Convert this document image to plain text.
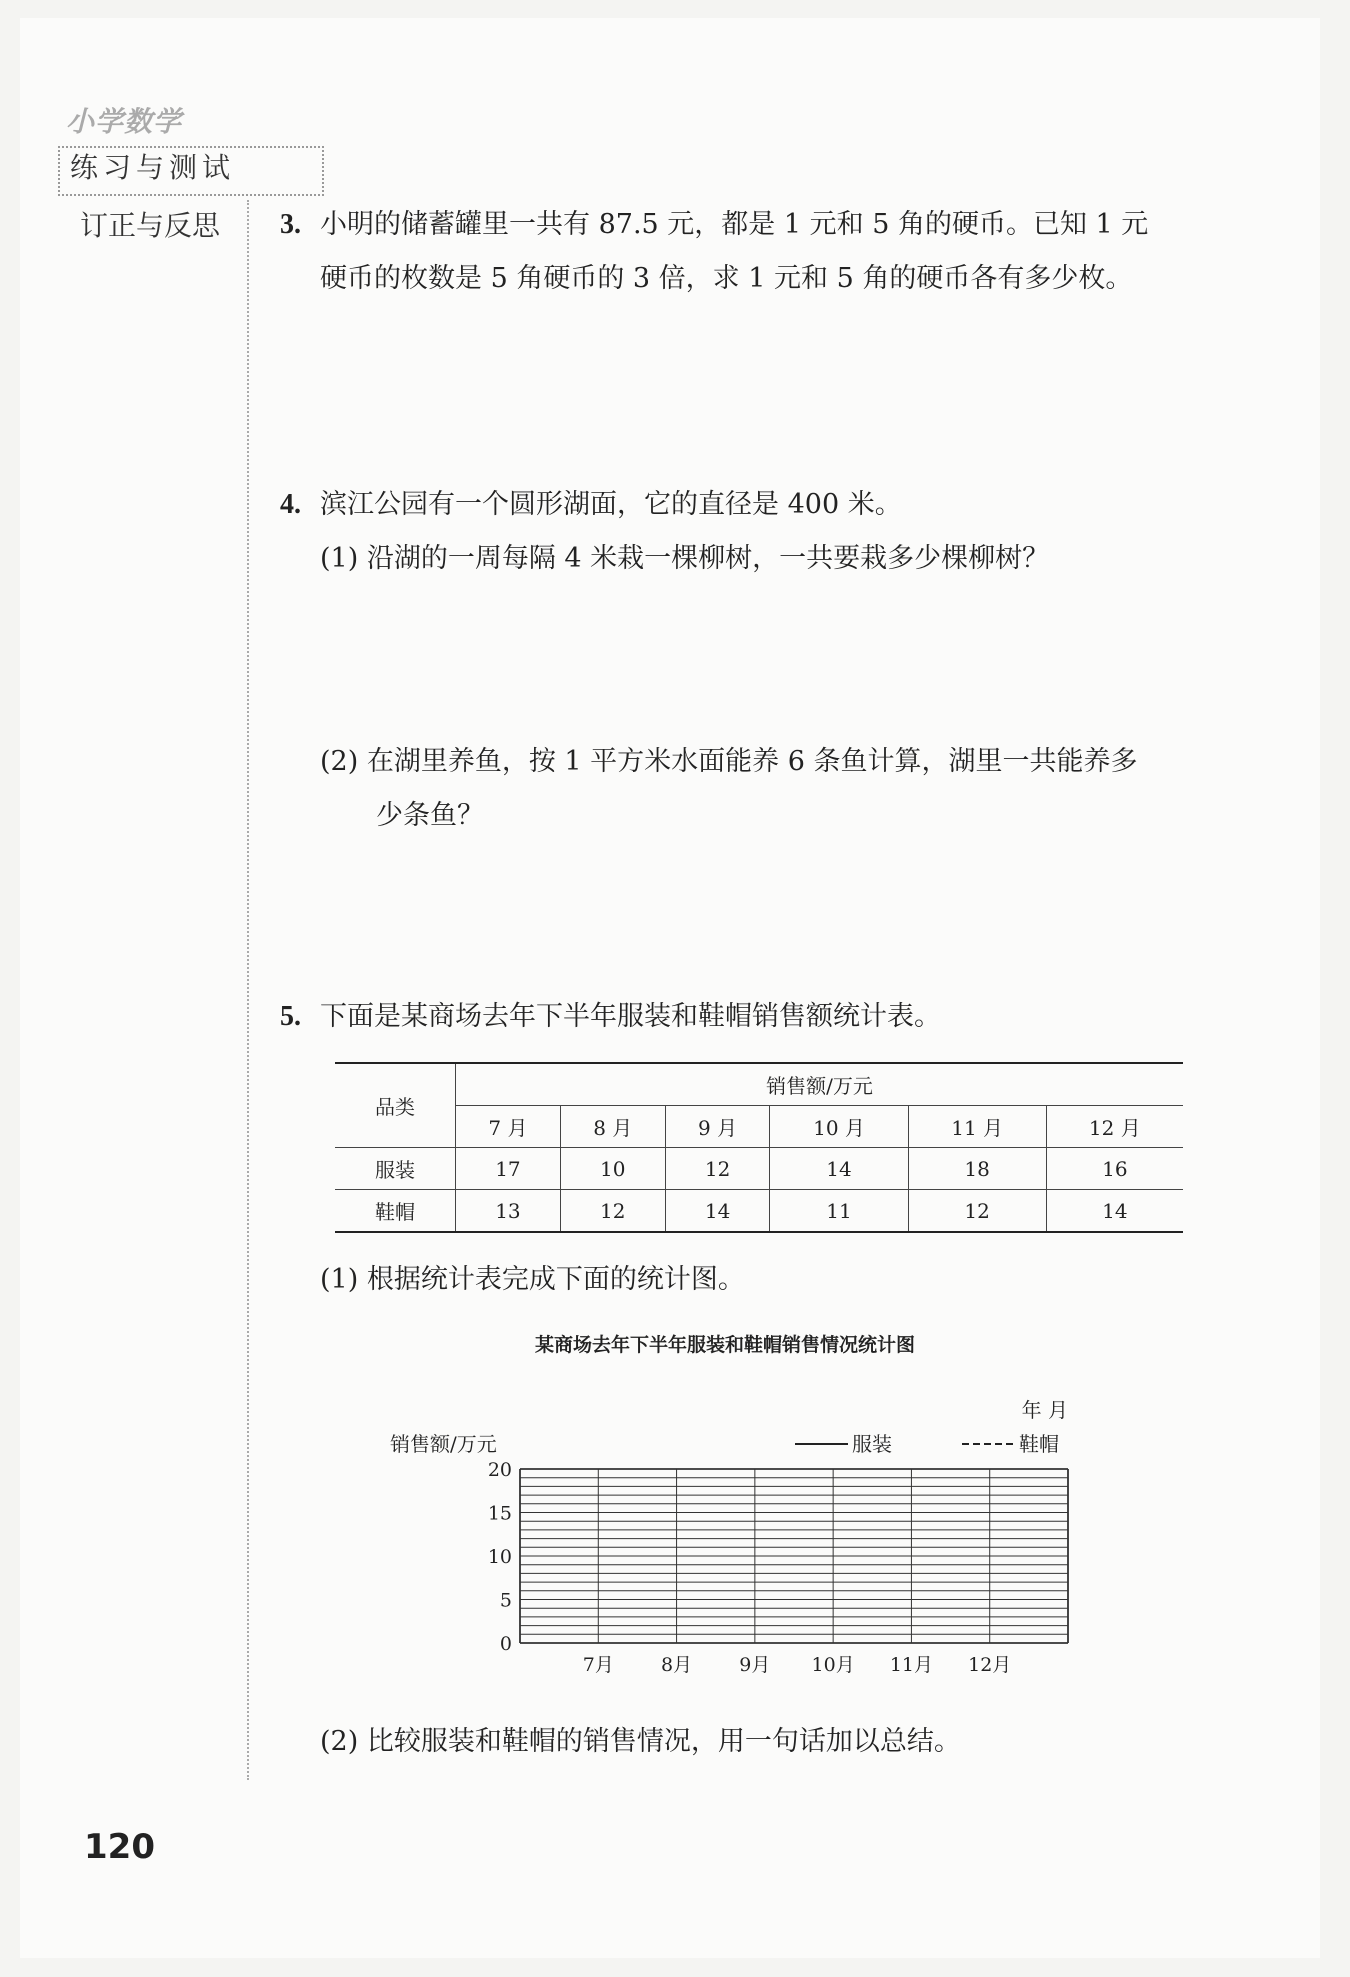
小学数学
练习与测试
订正与反思 3. 小明的储蓄罐里一共有 87.5 元，都是 1 元和 5 角的硬币。已知 1 元
硬币的枚数是 5 角硬币的 3 倍，求 1 元和 5 角的硬币各有多少枚。
4. 滨江公园有一个圆形湖面，它的直径是 400 米。
(1) 沿湖的一周每隔 4 米栽一棵柳树，一共要栽多少棵柳树？
(2) 在湖里养鱼，按 1 平方米水面能养 6 条鱼计算，湖里一共能养多
少条鱼？
5. 下面是某商场去年下半年服装和鞋帽销售额统计表。
品类	销售额/万元					
	7 月	8 月	9 月	10 月	11 月	12 月
服装	17	10	12	14	18	16
鞋帽	13	12	14	11	12	14
(1) 根据统计表完成下面的统计图。
某商场去年下半年服装和鞋帽销售情况统计图
20
15
10
5
0
7月 8月 9月 10月 11月 12月
销售额/万元
年 月
服装	鞋帽
(2) 比较服装和鞋帽的销售情况，用一句话加以总结。
120
